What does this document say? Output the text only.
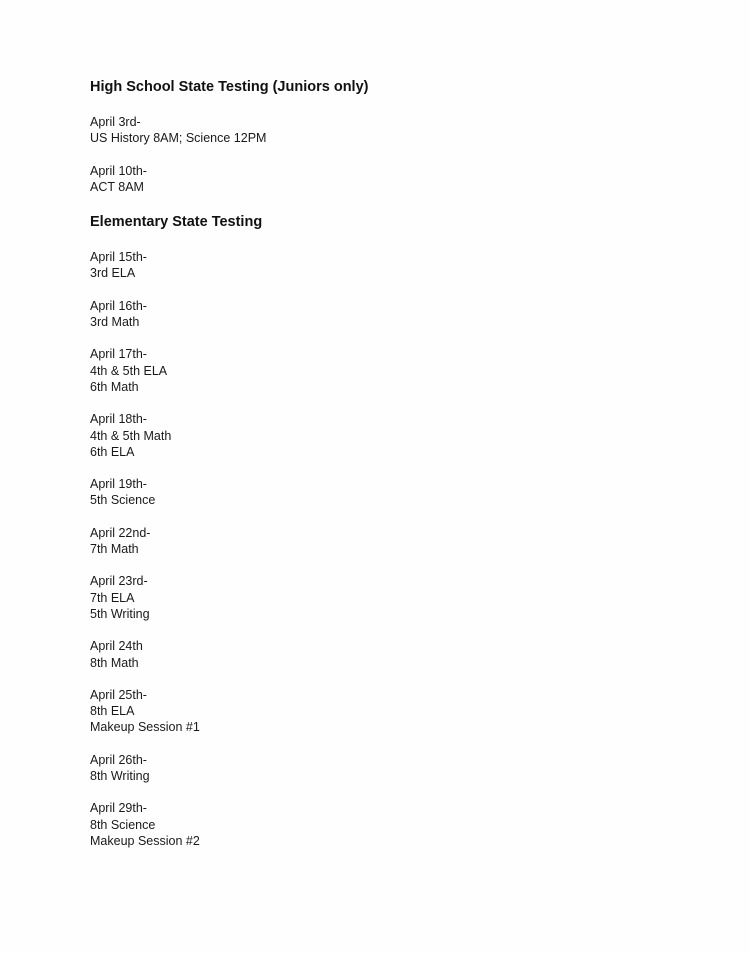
High School State Testing (Juniors only)

April 3rd-
US History 8AM; Science 12PM
April 10th-
ACT 8AM

Elementary State Testing

April 15th-
3rd ELA
April 16th-
3rd Math
April 17th-
4th & 5th ELA
6th Math
April 18th-
4th & 5th Math
6th ELA
April 19th-
5th Science
April 22nd-
7th Math
April 23rd-
7th ELA
5th Writing
April 24th
8th Math
April 25th-
8th ELA
Makeup Session #1
April 26th-
8th Writing
April 29th-
8th Science
Makeup Session #2
